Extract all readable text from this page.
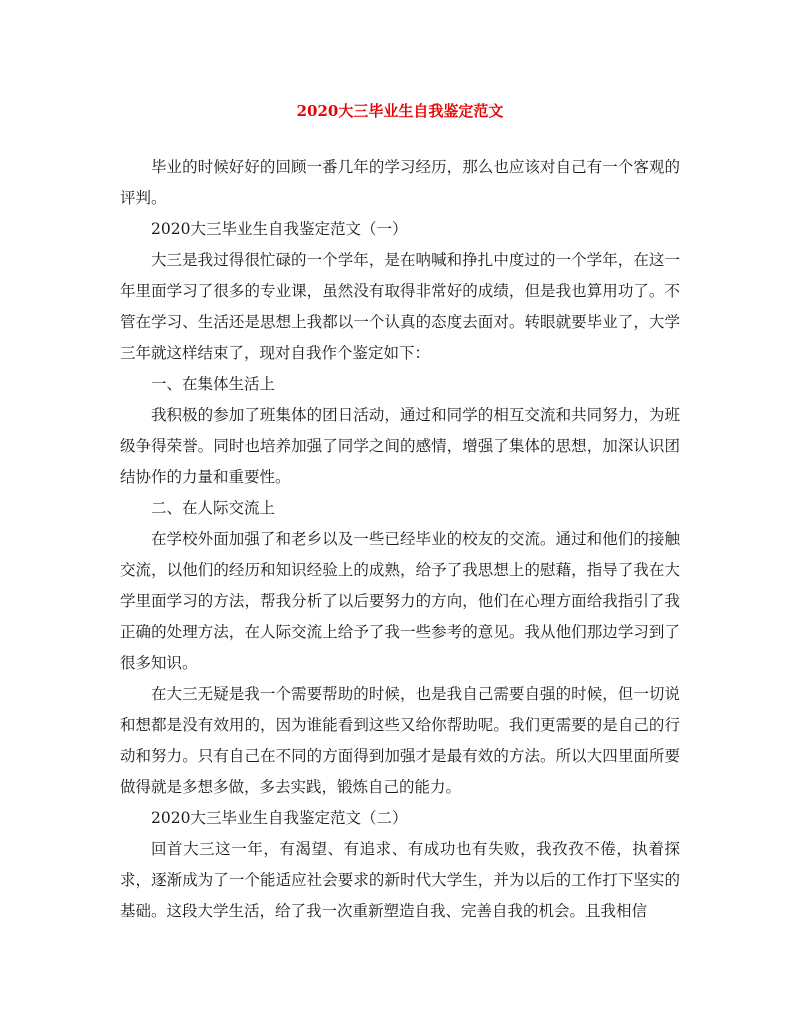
2020大三毕业生自我鉴定范文

毕业的时候好好的回顾一番几年的学习经历，那么也应该对自己有一个客观的评判。

2020大三毕业生自我鉴定范文（一）

大三是我过得很忙碌的一个学年，是在呐喊和挣扎中度过的一个学年，在这一年里面学习了很多的专业课，虽然没有取得非常好的成绩，但是我也算用功了。不管在学习、生活还是思想上我都以一个认真的态度去面对。转眼就要毕业了，大学三年就这样结束了，现对自我作个鉴定如下：

一、在集体生活上

我积极的参加了班集体的团日活动，通过和同学的相互交流和共同努力，为班级争得荣誉。同时也培养加强了同学之间的感情，增强了集体的思想，加深认识团结协作的力量和重要性。

二、在人际交流上

在学校外面加强了和老乡以及一些已经毕业的校友的交流。通过和他们的接触交流，以他们的经历和知识经验上的成熟，给予了我思想上的慰藉，指导了我在大学里面学习的方法，帮我分析了以后要努力的方向，他们在心理方面给我指引了我正确的处理方法，在人际交流上给予了我一些参考的意见。我从他们那边学习到了很多知识。

在大三无疑是我一个需要帮助的时候，也是我自己需要自强的时候，但一切说和想都是没有效用的，因为谁能看到这些又给你帮助呢。我们更需要的是自己的行动和努力。只有自己在不同的方面得到加强才是最有效的方法。所以大四里面所要做得就是多想多做，多去实践，锻炼自己的能力。

2020大三毕业生自我鉴定范文（二）

回首大三这一年，有渴望、有追求、有成功也有失败，我孜孜不倦，执着探求，逐渐成为了一个能适应社会要求的新时代大学生，并为以后的工作打下坚实的基础。这段大学生活，给了我一次重新塑造自我、完善自我的机会。且我相信
